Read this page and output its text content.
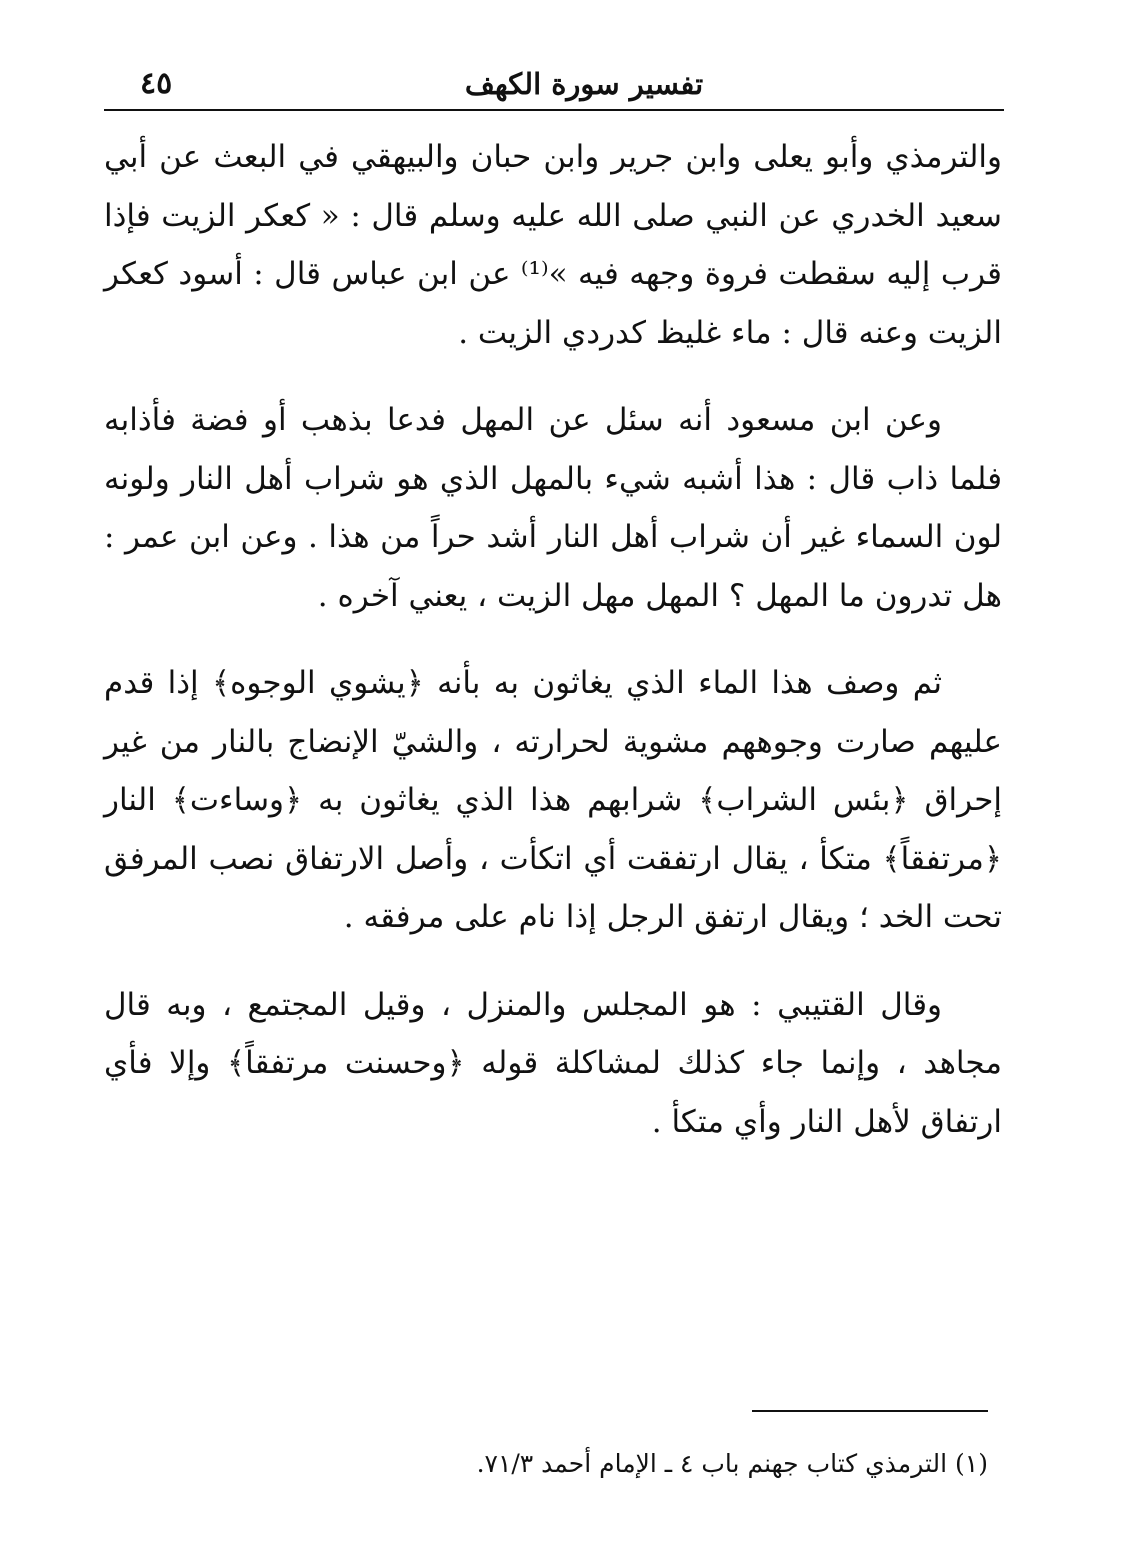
٤٥	تفسير سورة الكهف

والترمذي وأبو يعلى وابن جرير وابن حبان والبيهقي في البعث عن أبي سعيد الخدري عن النبي صلى الله عليه وسلم قال : « كعكر الزيت فإذا قرب إليه سقطت فروة وجهه فيه »⁽¹⁾ عن ابن عباس قال : أسود كعكر الزيت وعنه قال : ماء غليظ كدردي الزيت .

وعن ابن مسعود أنه سئل عن المهل فدعا بذهب أو فضة فأذابه فلما ذاب قال : هذا أشبه شيء بالمهل الذي هو شراب أهل النار ولونه لون السماء غير أن شراب أهل النار أشد حراً من هذا . وعن ابن عمر : هل تدرون ما المهل ؟ المهل مهل الزيت ، يعني آخره .

ثم وصف هذا الماء الذي يغاثون به بأنه ﴿يشوي الوجوه﴾ إذا قدم عليهم صارت وجوههم مشوية لحرارته ، والشيّ الإنضاج بالنار من غير إحراق ﴿بئس الشراب﴾ شرابهم هذا الذي يغاثون به ﴿وساءت﴾ النار ﴿مرتفقاً﴾ متكأ ، يقال ارتفقت أي اتكأت ، وأصل الارتفاق نصب المرفق تحت الخد ؛ ويقال ارتفق الرجل إذا نام على مرفقه .

وقال القتيبي : هو المجلس والمنزل ، وقيل المجتمع ، وبه قال مجاهد ، وإنما جاء كذلك لمشاكلة قوله ﴿وحسنت مرتفقاً﴾ وإلا فأي ارتفاق لأهل النار وأي متكأ .

(١) الترمذي كتاب جهنم باب ٤ ـ الإمام أحمد ٧١/٣.
